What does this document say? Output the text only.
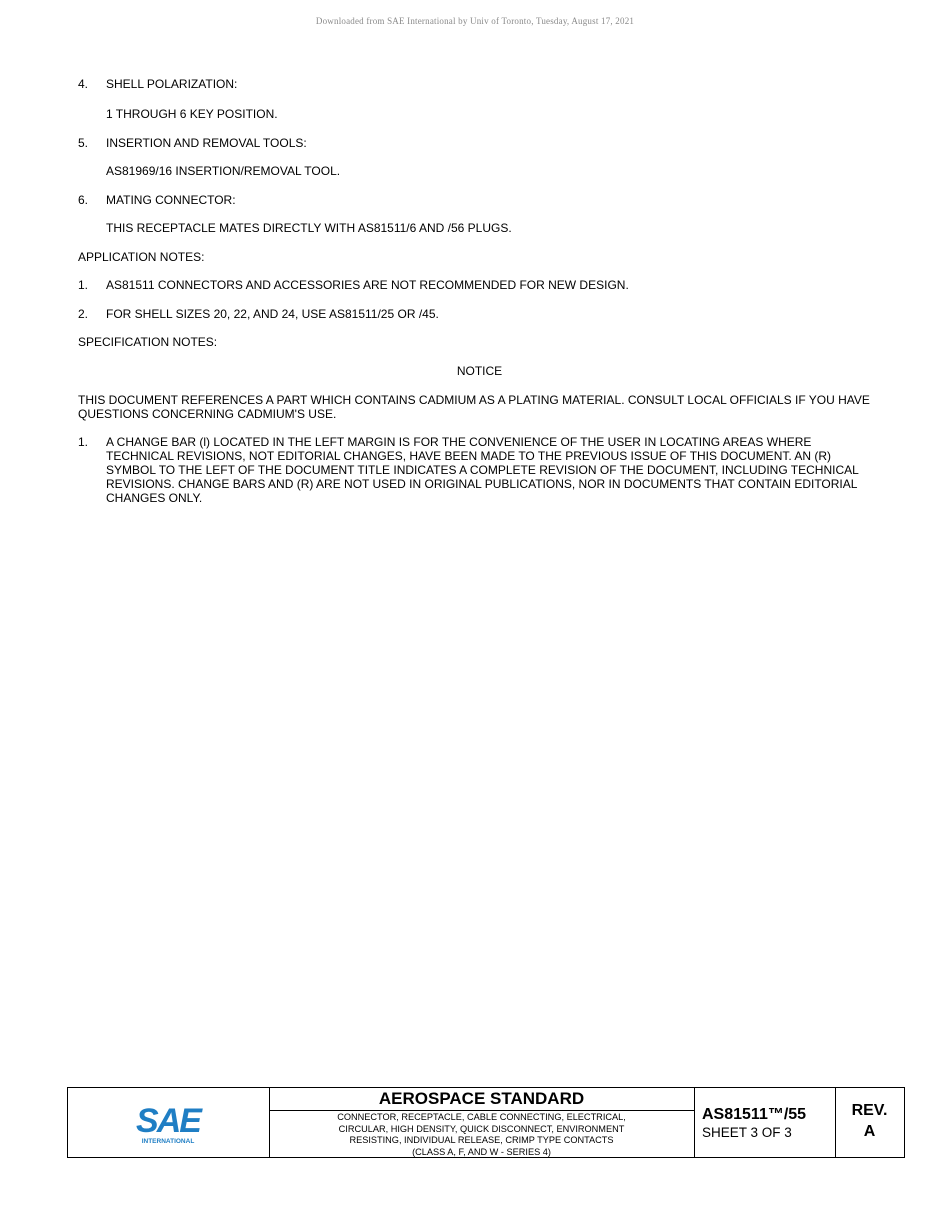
Downloaded from SAE International by Univ of Toronto, Tuesday, August 17, 2021
4. SHELL POLARIZATION:
1 THROUGH 6 KEY POSITION.
5. INSERTION AND REMOVAL TOOLS:
AS81969/16 INSERTION/REMOVAL TOOL.
6. MATING CONNECTOR:
THIS RECEPTACLE MATES DIRECTLY WITH AS81511/6 AND /56 PLUGS.
APPLICATION NOTES:
1. AS81511 CONNECTORS AND ACCESSORIES ARE NOT RECOMMENDED FOR NEW DESIGN.
2. FOR SHELL SIZES 20, 22, AND 24, USE AS81511/25 OR /45.
SPECIFICATION NOTES:
NOTICE
THIS DOCUMENT REFERENCES A PART WHICH CONTAINS CADMIUM AS A PLATING MATERIAL. CONSULT LOCAL OFFICIALS IF YOU HAVE QUESTIONS CONCERNING CADMIUM'S USE.
1. A CHANGE BAR (l) LOCATED IN THE LEFT MARGIN IS FOR THE CONVENIENCE OF THE USER IN LOCATING AREAS WHERE TECHNICAL REVISIONS, NOT EDITORIAL CHANGES, HAVE BEEN MADE TO THE PREVIOUS ISSUE OF THIS DOCUMENT. AN (R) SYMBOL TO THE LEFT OF THE DOCUMENT TITLE INDICATES A COMPLETE REVISION OF THE DOCUMENT, INCLUDING TECHNICAL REVISIONS. CHANGE BARS AND (R) ARE NOT USED IN ORIGINAL PUBLICATIONS, NOR IN DOCUMENTS THAT CONTAIN EDITORIAL CHANGES ONLY.
SAE
INTERNATIONAL
AEROSPACE STANDARD
CONNECTOR, RECEPTACLE, CABLE CONNECTING, ELECTRICAL,
CIRCULAR, HIGH DENSITY, QUICK DISCONNECT, ENVIRONMENT
RESISTING, INDIVIDUAL RELEASE, CRIMP TYPE CONTACTS
(CLASS A, F, AND W - SERIES 4)
AS81511™/55
SHEET 3 OF 3
REV.
A
